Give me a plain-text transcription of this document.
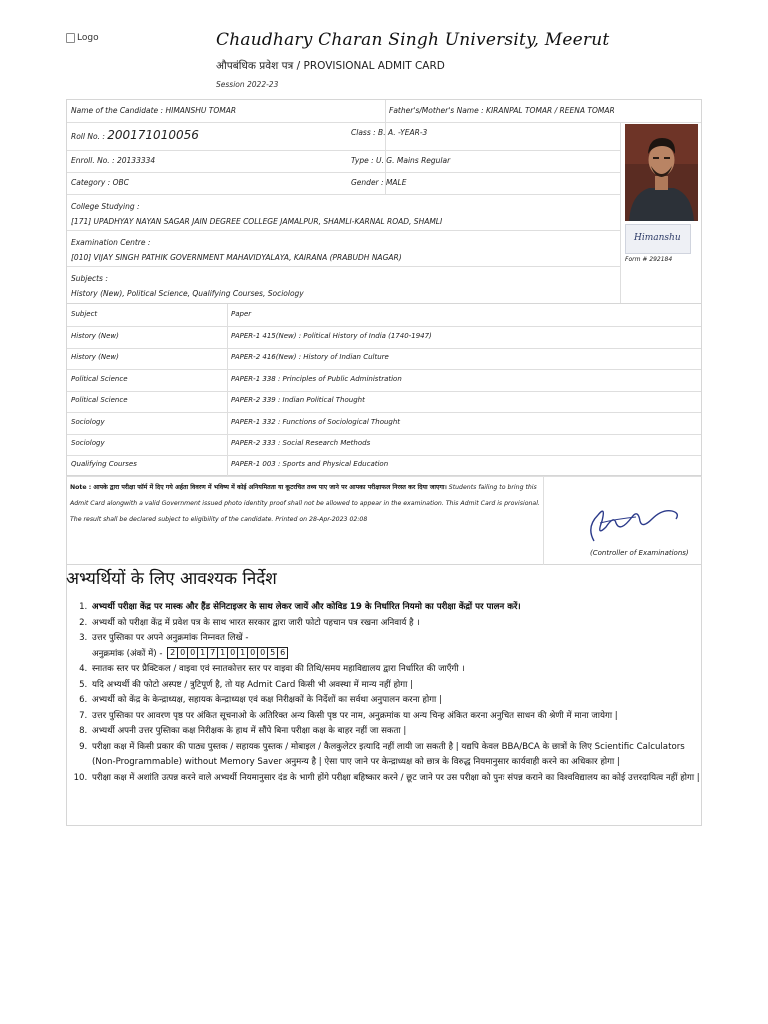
Logo	Chaudhary Charan Singh University, Meerut
औपबंधिक प्रवेश पत्र / PROVISIONAL ADMIT CARD
Session 2022-23
Name of the Candidate : HIMANSHU TOMAR	Father's/Mother's Name : KIRANPAL TOMAR / REENA TOMAR
Roll No. : 200171010056	Class : B. A. -YEAR-3
Enroll. No. : 20133334	Type : U. G. Mains Regular
Category : OBC	Gender : MALE
College Studying :
[171] UPADHYAY NAYAN SAGAR JAIN DEGREE COLLEGE JAMALPUR, SHAMLI-KARNAL ROAD, SHAMLI
Examination Centre :
[010] VIJAY SINGH PATHIK GOVERNMENT MAHAVIDYALAYA, KAIRANA (PRABUDH NAGAR)
Subjects :
History (New), Political Science, Qualifying Courses, Sociology
Himanshu
Form # 292184
Subject	Paper
History (New)	PAPER-1 415(New) : Political History of India (1740-1947)
History (New)	PAPER-2 416(New) : History of Indian Culture
Political Science	PAPER-1 338 : Principles of Public Administration
Political Science	PAPER-2 339 : Indian Political Thought
Sociology	PAPER-1 332 : Functions of Sociological Thought
Sociology	PAPER-2 333 : Social Research Methods
Qualifying Courses	PAPER-1 003 : Sports and Physical Education
Note : आपके द्वारा परीक्षा फॉर्म में दिए गये अर्हता विवरण में भविष्य में कोई अनियमितता या कूटरचित तथ्य पाए जाने पर आपका परीक्षाफल निरस्त कर दिया जाएगा। Students failing to bring this Admit Card alongwith a valid Government issued photo identity proof shall not be allowed to appear in the examination. This Admit Card is provisional. The result shall be declared subject to eligibility of the candidate. Printed on 28-Apr-2023 02:08
(Controller of Examinations)
अभ्यर्थियों के लिए आवश्यक निर्देश
1. अभ्यर्थी परीक्षा केंद्र पर मास्क और हैंड सेनिटाइजर के साथ लेकर जायें और कोविड 19 के निर्धारित नियमो का परीक्षा केंद्रों पर पालन करें।
2. अभ्यर्थी को परीक्षा केंद्र में प्रवेश पत्र के साथ भारत सरकार द्वारा जारी फोटो पहचान पत्र रखना अनिवार्य है ।
3. उत्तर पुस्तिका पर अपने अनुक्रमांक निम्नवत लिखें -
अनुक्रमांक (अंकों में) - 2 0 0 1 7 1 0 1 0 0 5 6
4. स्नातक स्तर पर प्रैक्टिकल / वाइवा एवं स्नातकोत्तर स्तर पर वाइवा की तिथि/समय महाविद्यालय द्वारा निर्धारित की जाएँगी ।
5. यदि अभ्यर्थी की फोटो अस्पष्ट / त्रुटिपूर्ण है, तो यह Admit Card किसी भी अवस्था में मान्य नहीं होगा |
6. अभ्यर्थी को केंद्र के केन्द्राध्यक्ष, सहायक केन्द्राध्यक्ष एवं कक्ष निरीक्षकों के निर्देशों का सर्वथा अनुपालन करना होगा |
7. उत्तर पुस्तिका पर आवरण पृष्ठ पर अंकित सूचनाओ के अतिरिक्त अन्य किसी पृष्ठ पर नाम, अनुक्रमांक या अन्य चिन्ह अंकित करना अनुचित साधन की श्रेणी में माना जायेगा |
8. अभ्यर्थी अपनी उत्तर पुस्तिका कक्ष निरीक्षक के हाथ में सौंपे बिना परीक्षा कक्ष के बाहर नहीं जा सकता |
9. परीक्षा कक्ष में किसी प्रकार की पाठ्य पुस्तक / सहायक पुस्तक / मोबाइल / कैलकुलेटर इत्यादि नहीं लायी जा सकती है | यद्यपि केवल BBA/BCA के छात्रों के लिए Scientific Calculators (Non-Programmable) without Memory Saver अनुमन्य है | ऐसा पाए जाने पर केन्द्राध्यक्ष को छात्र के विरुद्ध नियमानुसार कार्यवाही करने का अधिकार होगा |
10. परीक्षा कक्ष में अशांति उत्पन्न करने वाले अभ्यर्थी नियमानुसार दंड के भागी होंगे परीक्षा बहिष्कार करने / छूट जाने पर उस परीक्षा को पुनः संपन्न कराने का विश्वविद्यालय का कोई उत्तरदायित्व नहीं होगा |
